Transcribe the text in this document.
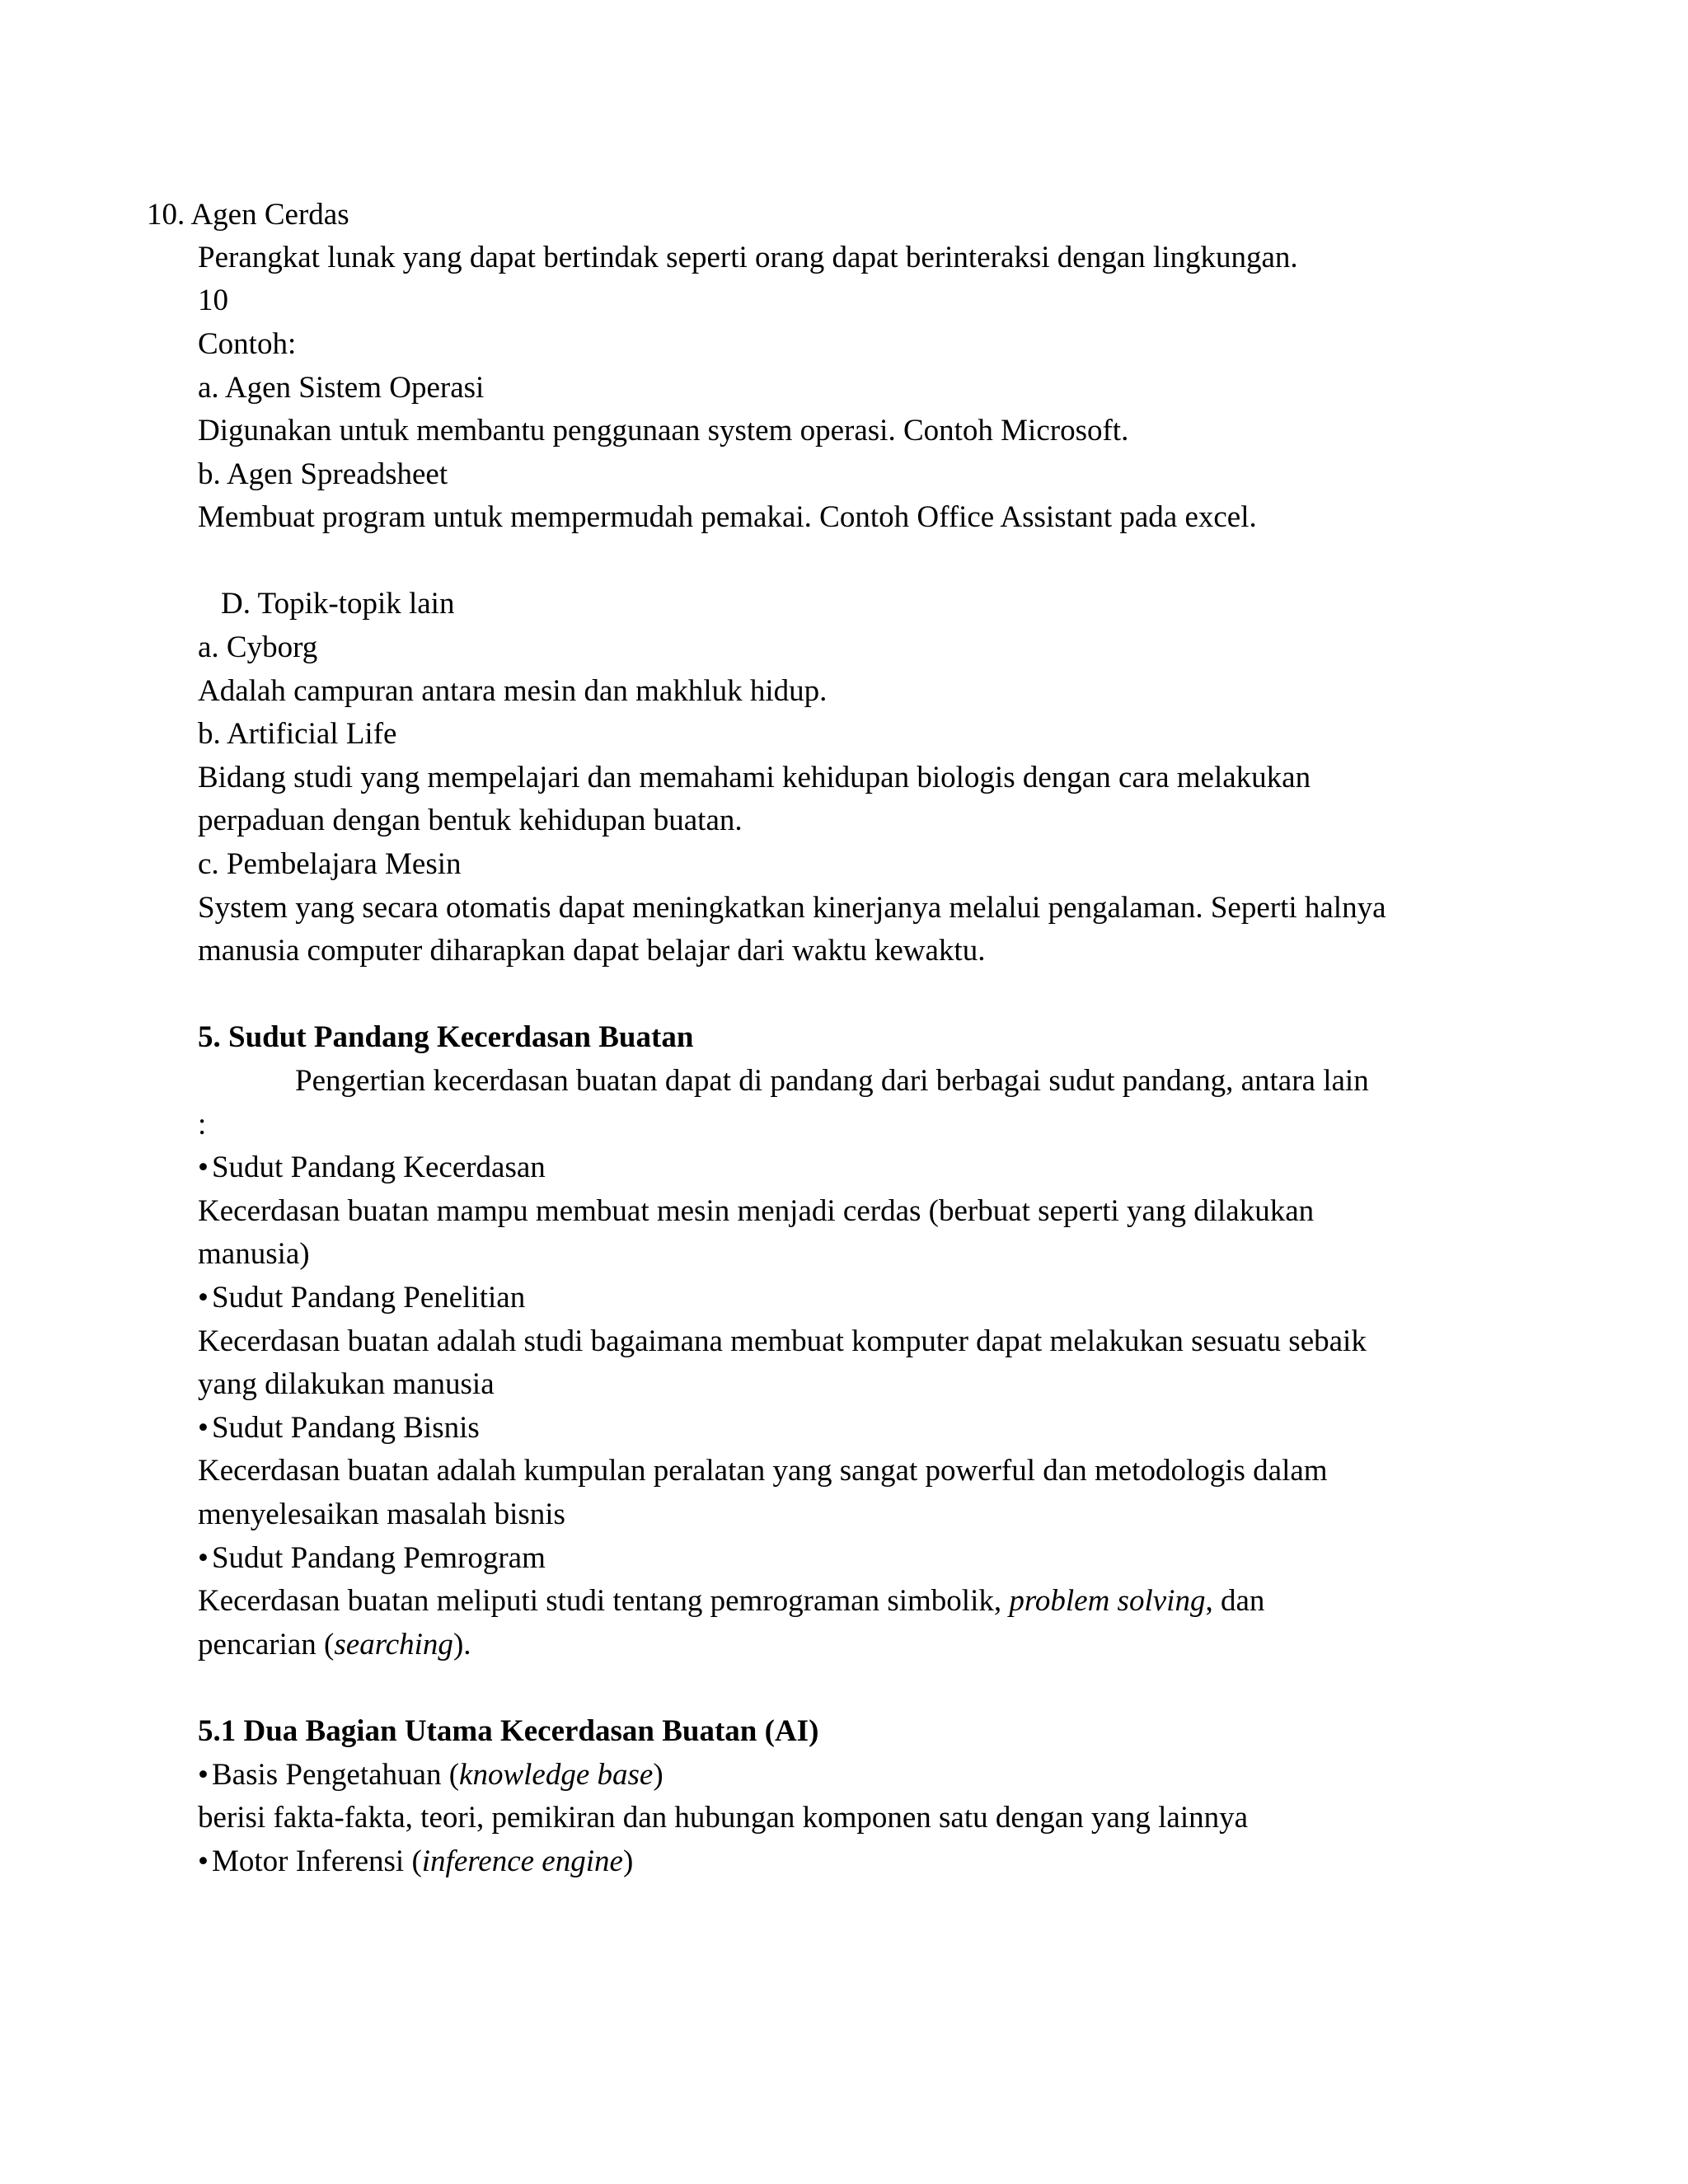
10. Agen Cerdas
Perangkat lunak yang dapat bertindak seperti orang dapat berinteraksi dengan lingkungan.
10
Contoh:
a. Agen Sistem Operasi
Digunakan untuk membantu penggunaan system operasi. Contoh Microsoft.
b. Agen Spreadsheet
Membuat program untuk mempermudah pemakai. Contoh Office Assistant pada excel.
D. Topik-topik lain
a. Cyborg
Adalah campuran antara mesin dan makhluk hidup.
b. Artificial Life
Bidang studi yang mempelajari dan memahami kehidupan biologis dengan cara melakukan
perpaduan dengan bentuk kehidupan buatan.
c. Pembelajara Mesin
System yang secara otomatis dapat meningkatkan kinerjanya melalui pengalaman. Seperti halnya
manusia computer diharapkan dapat belajar dari waktu kewaktu.
5. Sudut Pandang Kecerdasan Buatan
Pengertian kecerdasan buatan dapat di pandang dari berbagai sudut pandang, antara lain
:
• Sudut Pandang Kecerdasan
Kecerdasan buatan mampu membuat mesin menjadi cerdas (berbuat seperti yang dilakukan
manusia)
• Sudut Pandang Penelitian
Kecerdasan buatan adalah studi bagaimana membuat komputer dapat melakukan sesuatu sebaik
yang dilakukan manusia
• Sudut Pandang Bisnis
Kecerdasan buatan adalah kumpulan peralatan yang sangat powerful dan metodologis dalam
menyelesaikan masalah bisnis
• Sudut Pandang Pemrogram
Kecerdasan buatan meliputi studi tentang pemrograman simbolik, problem solving, dan
pencarian (searching).
5.1 Dua Bagian Utama Kecerdasan Buatan (AI)
• Basis Pengetahuan (knowledge base)
berisi fakta-fakta, teori, pemikiran dan hubungan komponen satu dengan yang lainnya
• Motor Inferensi (inference engine)
